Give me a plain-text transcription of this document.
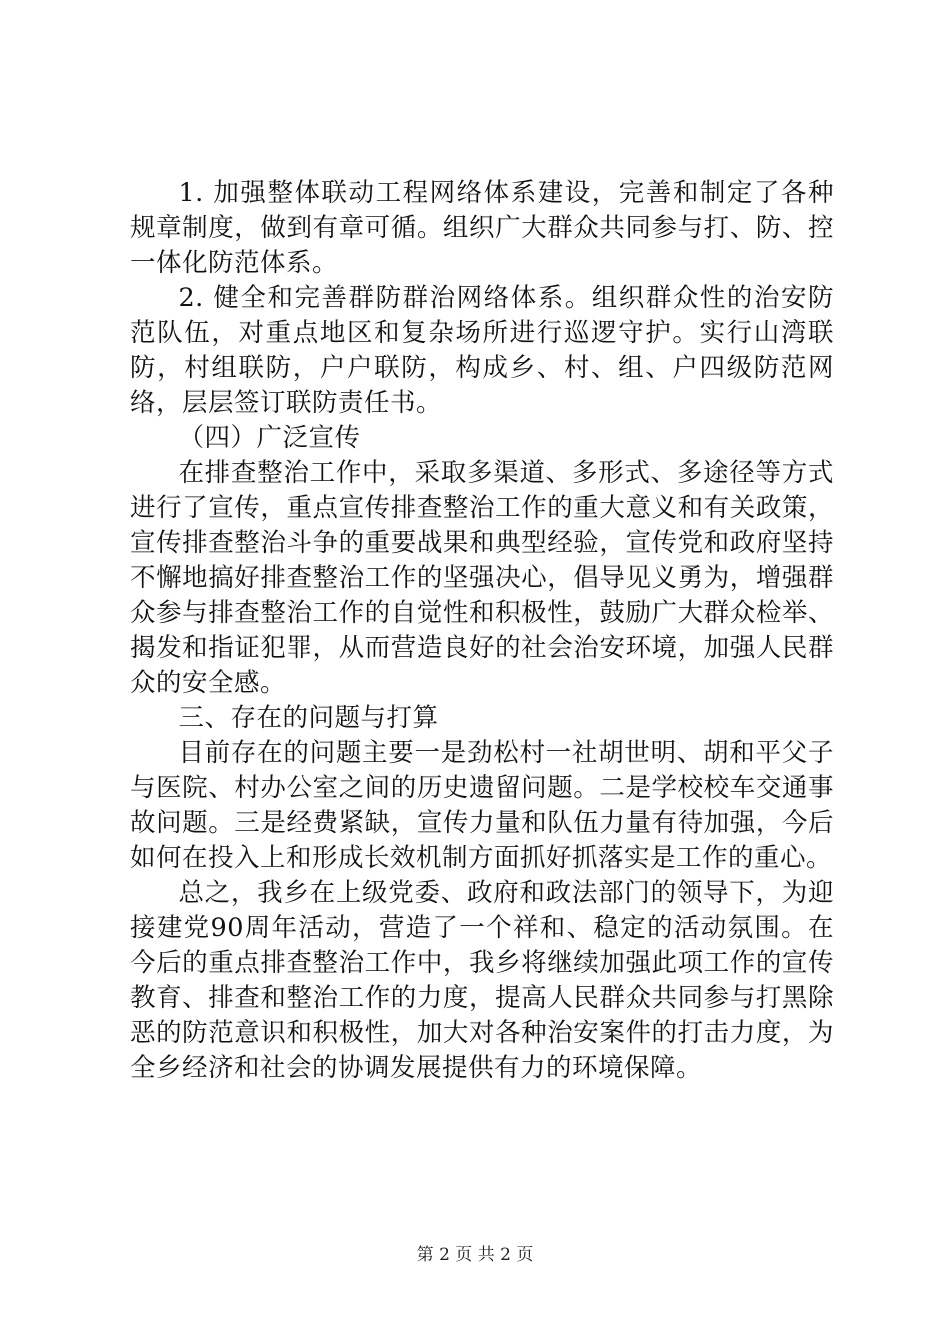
1. 加强整体联动工程网络体系建设，完善和制定了各种规章制度，做到有章可循。组织广大群众共同参与打、防、控一体化防范体系。

2. 健全和完善群防群治网络体系。组织群众性的治安防范队伍，对重点地区和复杂场所进行巡逻守护。实行山湾联防，村组联防，户户联防，构成乡、村、组、户四级防范网络，层层签订联防责任书。

（四）广泛宣传

在排查整治工作中，采取多渠道、多形式、多途径等方式进行了宣传，重点宣传排查整治工作的重大意义和有关政策，宣传排查整治斗争的重要战果和典型经验，宣传党和政府坚持不懈地搞好排查整治工作的坚强决心，倡导见义勇为，增强群众参与排查整治工作的自觉性和积极性，鼓励广大群众检举、揭发和指证犯罪，从而营造良好的社会治安环境，加强人民群众的安全感。

三、存在的问题与打算

目前存在的问题主要一是劲松村一社胡世明、胡和平父子与医院、村办公室之间的历史遗留问题。二是学校校车交通事故问题。三是经费紧缺，宣传力量和队伍力量有待加强，今后如何在投入上和形成长效机制方面抓好抓落实是工作的重心。

总之，我乡在上级党委、政府和政法部门的领导下，为迎接建党90周年活动，营造了一个祥和、稳定的活动氛围。在今后的重点排查整治工作中，我乡将继续加强此项工作的宣传教育、排查和整治工作的力度，提高人民群众共同参与打黑除恶的防范意识和积极性，加大对各种治安案件的打击力度，为全乡经济和社会的协调发展提供有力的环境保障。

第 2 页 共 2 页
